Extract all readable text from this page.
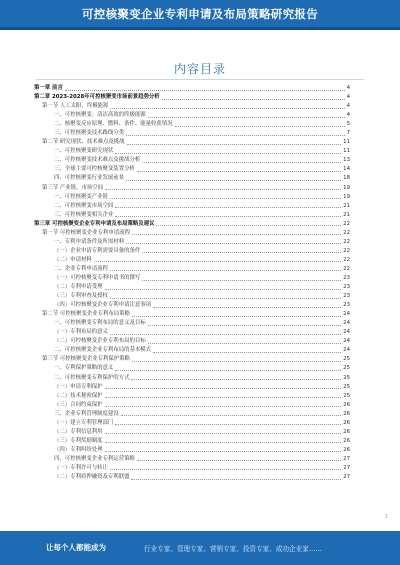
可控核聚变企业专利申请及布局策略研究报告
内容目录
第一章 前言	4
第二章 2023-2028年可控核聚变市场前景趋势分析	4
第一节 人工太阳，终极能源	4
一、可控核聚变：清洁高效的终极能源	4
二、核聚变反应原理、燃料、条件、能量收获情况	5
三、可控核聚变技术路线分类	7
第二节 研究现状、技术难点及挑战	11
一、可控核聚变研究现状	11
二、可控核聚变技术难点及挑战分析	13
三、全球主要可控核聚变装置分析	14
四、可控核聚变行业发展前景	18
第三节 产业链、市场空间	19
一、可控核聚变产业链	19
二、可控核聚变市场空间	21
三、可控核聚变相关企业	21
第三章 可控核聚变企业专利申请及布局策略及建议	22
第一节 可控核聚变企业专利申请流程	22
一、专利申请条件及所需材料	22
（一）企业申请专利需要具备的条件	22
（二）申请材料	22
二、企业专利申请流程	22
（一）可控核聚变专利申请书的撰写	23
（二）专利申请受理	23
（三）专利审查及授权	23
（四）可控核聚变企业专利申请注意事项	23
第二节 可控核聚变企业专利布局策略	24
一、可控核聚变专利布局的意义及目标	24
（一）专利布局的意义	24
（二）可控核聚变企业专利布局的目标	24
二、可控核聚变企业专利布局的基本模式	24
第三节 可控核聚变企业专利保护策略	25
一、专利保护策略的意义	25
二、可控核聚变专利保护的方式	25
（一）申请专利保护	25
（二）技术秘密保护	25
（三）合同约束保护	26
三、企业专利管理制度建设	26
（一）建立专利管理部门	26
（二）专利信息利用	26
（三）专利奖励制度	26
（四）专利纠纷处理	26
四、可控核聚变企业专利运营策略	27
（一）专利许可与转让	27
（二）专利质押融资及专利联盟	27
1
让每个人都能成为	行业专家、管理专家、营销专家、投资专家、成功企业家……
